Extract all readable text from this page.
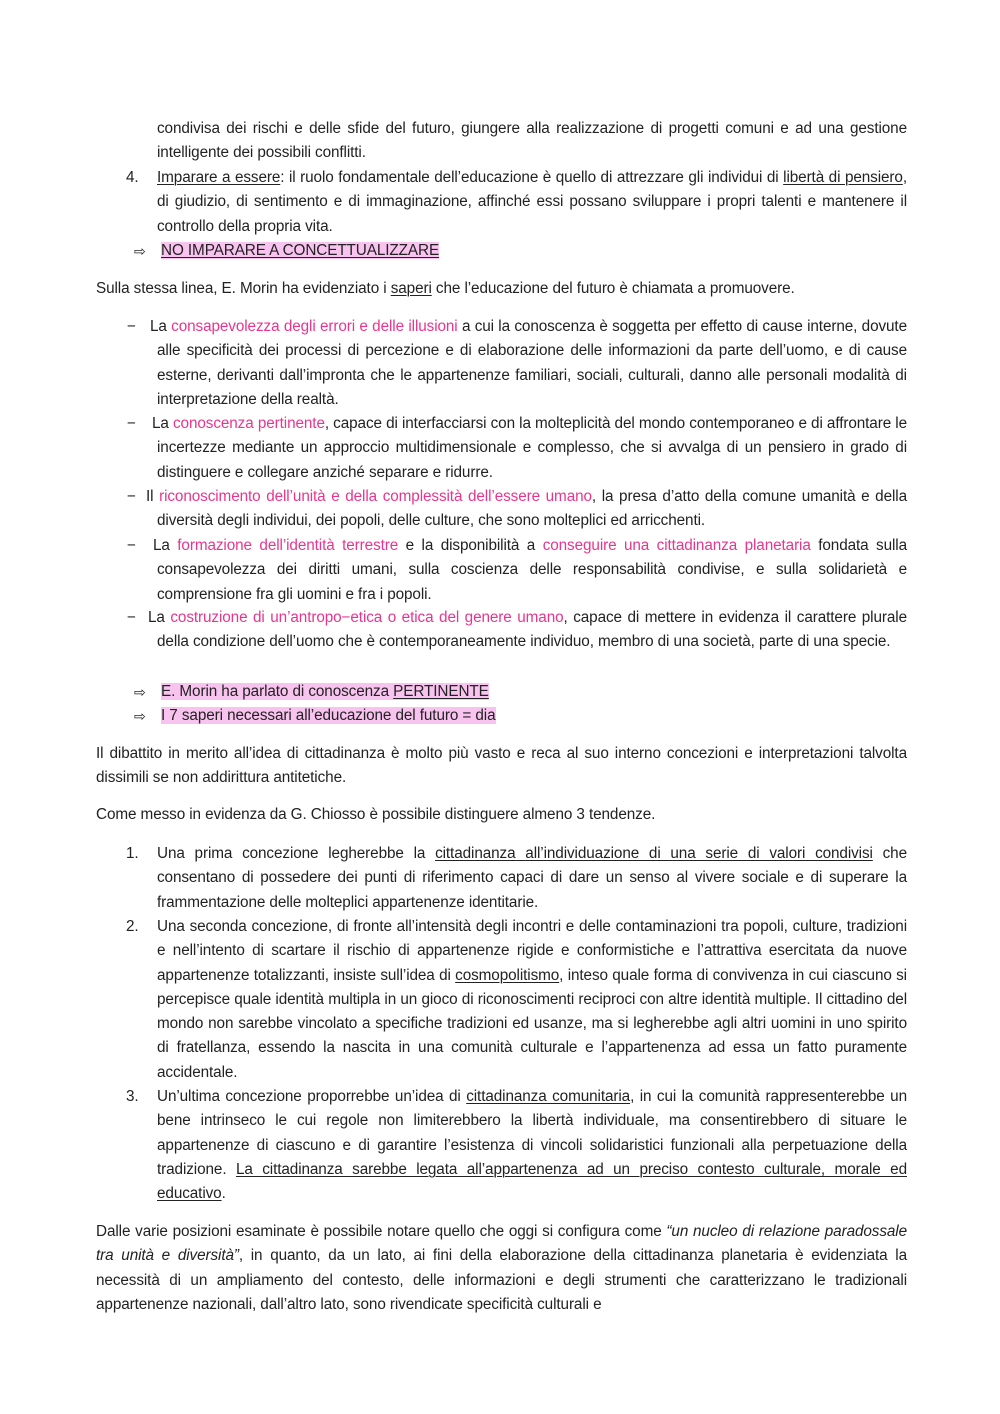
condivisa dei rischi e delle sfide del futuro, giungere alla realizzazione di progetti comuni e ad una gestione intelligente dei possibili conflitti.
4. Imparare a essere: il ruolo fondamentale dell’educazione è quello di attrezzare gli individui di libertà di pensiero, di giudizio, di sentimento e di immaginazione, affinché essi possano sviluppare i propri talenti e mantenere il controllo della propria vita.
⇨ NO IMPARARE A CONCETTUALIZZARE
Sulla stessa linea, E. Morin ha evidenziato i saperi che l’educazione del futuro è chiamata a promuovere.
− La consapevolezza degli errori e delle illusioni a cui la conoscenza è soggetta per effetto di cause interne, dovute alle specificità dei processi di percezione e di elaborazione delle informazioni da parte dell’uomo, e di cause esterne, derivanti dall’impronta che le appartenenze familiari, sociali, culturali, danno alle personali modalità di interpretazione della realtà.
− La conoscenza pertinente, capace di interfacciarsi con la molteplicità del mondo contemporaneo e di affrontare le incertezze mediante un approccio multidimensionale e complesso, che si avvalga di un pensiero in grado di distinguere e collegare anziché separare e ridurre.
− Il riconoscimento dell’unità e della complessità dell’essere umano, la presa d’atto della comune umanità e della diversità degli individui, dei popoli, delle culture, che sono molteplici ed arricchenti.
− La formazione dell’identità terrestre e la disponibilità a conseguire una cittadinanza planetaria fondata sulla consapevolezza dei diritti umani, sulla coscienza delle responsabilità condivise, e sulla solidarietà e comprensione fra gli uomini e fra i popoli.
− La costruzione di un’antropo−etica o etica del genere umano, capace di mettere in evidenza il carattere plurale della condizione dell’uomo che è contemporaneamente individuo, membro di una società, parte di una specie.
⇨ E. Morin ha parlato di conoscenza PERTINENTE
⇨ I 7 saperi necessari all’educazione del futuro = dia
Il dibattito in merito all’idea di cittadinanza è molto più vasto e reca al suo interno concezioni e interpretazioni talvolta dissimili se non addirittura antitetiche.
Come messo in evidenza da G. Chiosso è possibile distinguere almeno 3 tendenze.
1. Una prima concezione legherebbe la cittadinanza all’individuazione di una serie di valori condivisi che consentano di possedere dei punti di riferimento capaci di dare un senso al vivere sociale e di superare la frammentazione delle molteplici appartenenze identitarie.
2. Una seconda concezione, di fronte all’intensità degli incontri e delle contaminazioni tra popoli, culture, tradizioni e nell’intento di scartare il rischio di appartenenze rigide e conformistiche e l’attrattiva esercitata da nuove appartenenze totalizzanti, insiste sull’idea di cosmopolitismo, inteso quale forma di convivenza in cui ciascuno si percepisce quale identità multipla in un gioco di riconoscimenti reciproci con altre identità multiple. Il cittadino del mondo non sarebbe vincolato a specifiche tradizioni ed usanze, ma si legherebbe agli altri uomini in uno spirito di fratellanza, essendo la nascita in una comunità culturale e l’appartenenza ad essa un fatto puramente accidentale.
3. Un’ultima concezione proporrebbe un’idea di cittadinanza comunitaria, in cui la comunità rappresenterebbe un bene intrinseco le cui regole non limiterebbero la libertà individuale, ma consentirebbero di situare le appartenenze di ciascuno e di garantire l’esistenza di vincoli solidaristici funzionali alla perpetuazione della tradizione. La cittadinanza sarebbe legata all’appartenenza ad un preciso contesto culturale, morale ed educativo.
Dalle varie posizioni esaminate è possibile notare quello che oggi si configura come “un nucleo di relazione paradossale tra unità e diversità”, in quanto, da un lato, ai fini della elaborazione della cittadinanza planetaria è evidenziata la necessità di un ampliamento del contesto, delle informazioni e degli strumenti che caratterizzano le tradizionali appartenenze nazionali, dall’altro lato, sono rivendicate specificità culturali e
